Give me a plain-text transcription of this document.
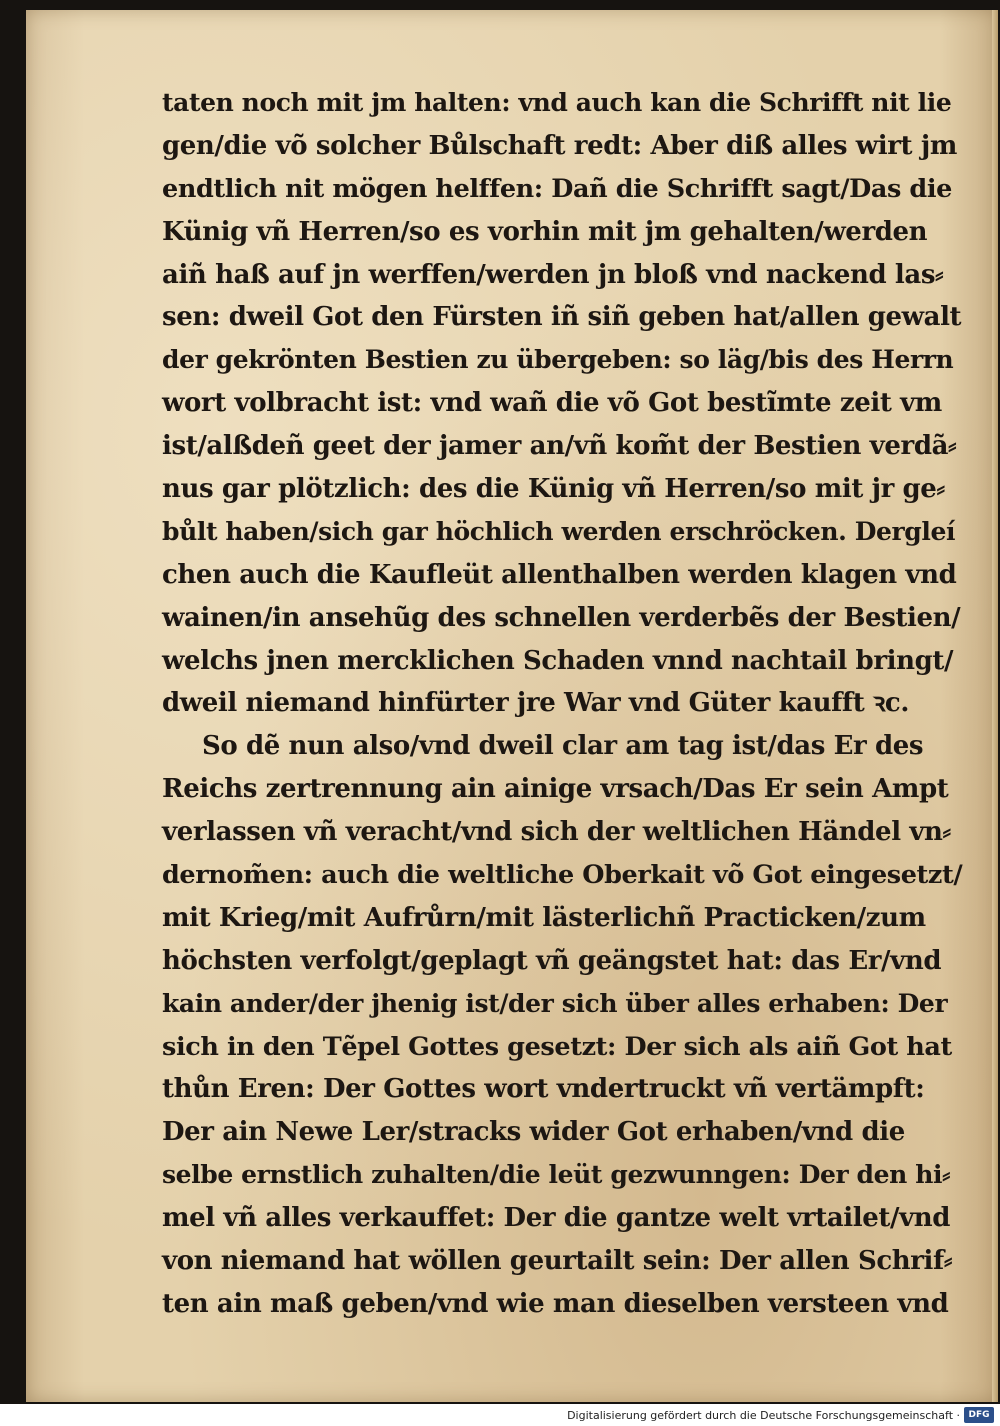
taten noch mit jm halten: vnd auch kan die Schrifft nit lie
gen/die võ solcher Bůlschaft redt: Aber diß alles wirt jm
endtlich nit mögen helffen: Dañ die Schrifft sagt/Das die
Künig vñ Herren/so es vorhin mit jm gehalten/werden
aiñ haß auf jn werffen/werden jn bloß vnd nackend las⸗
sen: dweil Got den Fürsten iñ siñ geben hat/allen gewalt
der gekrönten Bestien zu übergeben: so läg/bis des Herrn
wort volbracht ist: vnd wañ die võ Got bestĩmte zeit vm
ist/alßdeñ geet der jamer an/vñ kom̃t der Bestien verdã⸗
nus gar plötzlich: des die Künig vñ Herren/so mit jr ge⸗
bůlt haben/sich gar höchlich werden erschröcken. Dergleí
chen auch die Kaufleüt allenthalben werden klagen vnd
wainen/in ansehũg des schnellen verderbẽs der Bestien/
welchs jnen mercklichen Schaden vnnd nachtail bringt/
dweil niemand hinfürter jre War vnd Güter kaufft ꝛc.
So dẽ nun also/vnd dweil clar am tag ist/das Er des
Reichs zertrennung ain ainige vrsach/Das Er sein Ampt
verlassen vñ veracht/vnd sich der weltlichen Händel vn⸗
dernom̃en: auch die weltliche Oberkait võ Got eingesetzt/
mit Krieg/mit Aufrůrn/mit lästerlichñ Practicken/zum
höchsten verfolgt/geplagt vñ geängstet hat: das Er/vnd
kain ander/der jhenig ist/der sich über alles erhaben: Der
sich in den Tẽpel Gottes gesetzt: Der sich als aiñ Got hat
thůn Eren: Der Gottes wort vndertruckt vñ vertämpft:
Der ain Newe Ler/stracks wider Got erhaben/vnd die
selbe ernstlich zuhalten/die leüt gezwunngen: Der den hi⸗
mel vñ alles verkauffet: Der die gantze welt vrtailet/vnd
von niemand hat wöllen geurtailt sein: Der allen Schrif⸗
ten ain maß geben/vnd wie man dieselben versteen vnd
Digitalisierung gefördert durch die Deutsche Forschungsgemeinschaft · DFG
